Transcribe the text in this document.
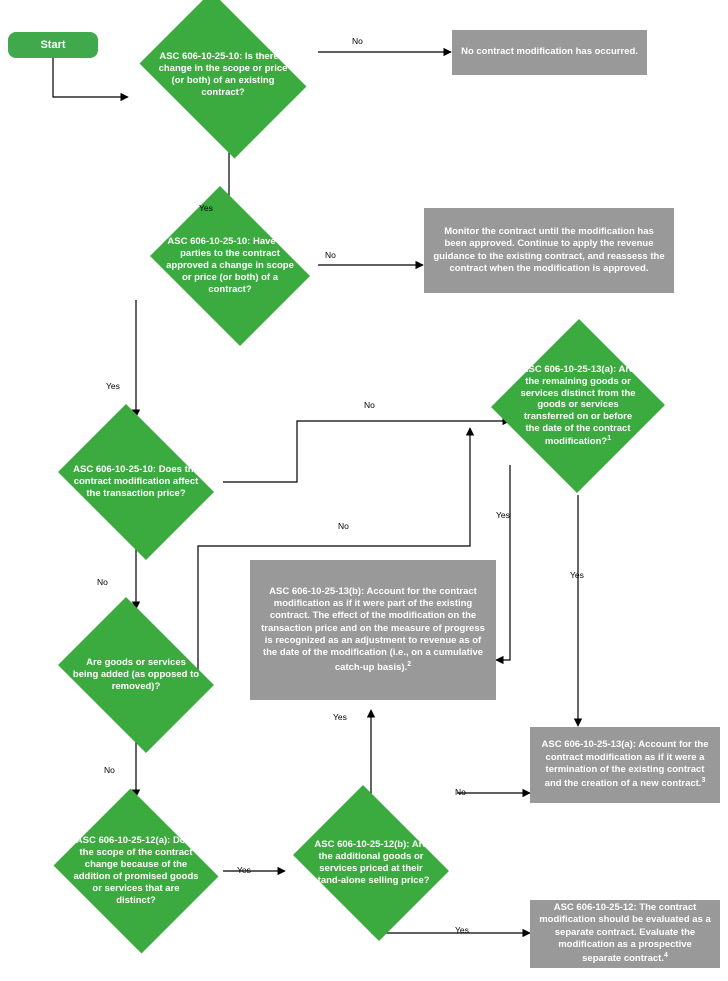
Start
ASC 606-10-25-10: Is there a change in the scope or price (or both) of an existing contract?
No contract modification has occurred.
ASC 606-10-25-10: Have the parties to the contract approved a change in scope or price (or both) of a contract?
Monitor the contract until the modification has been approved. Continue to apply the revenue guidance to the existing contract, and reassess the contract when the modification is approved.
ASC 606-10-25-10: Does the contract modification affect the transaction price?
ASC 606-10-25-13(a): Are the remaining goods or services distinct from the goods or services transferred on or before the date of the contract modification?$^1$
Are goods or services being added (as opposed to removed)?
ASC 606-10-25-13(b): Account for the contract modification as if it were part of the existing contract. The effect of the modification on the transaction price and on the measure of progress is recognized as an adjustment to revenue as of the date of the modification (i.e., on a cumulative catch-up basis).$^2$
ASC 606-10-25-13(a): Account for the contract modification as if it were a termination of the existing contract and the creation of a new contract.$^3$
ASC 606-10-25-12(a): Does the scope of the contract change because of the addition of promised goods or services that are distinct?
ASC 606-10-25-12(b): Are the additional goods or services priced at their stand-alone selling price?
ASC 606-10-25-12: The contract modification should be evaluated as a separate contract. Evaluate the modification as a prospective separate contract.$^4$
No
Yes
No
Yes
No
No
Yes
No
Yes
Yes
No
No
Yes
Yes
